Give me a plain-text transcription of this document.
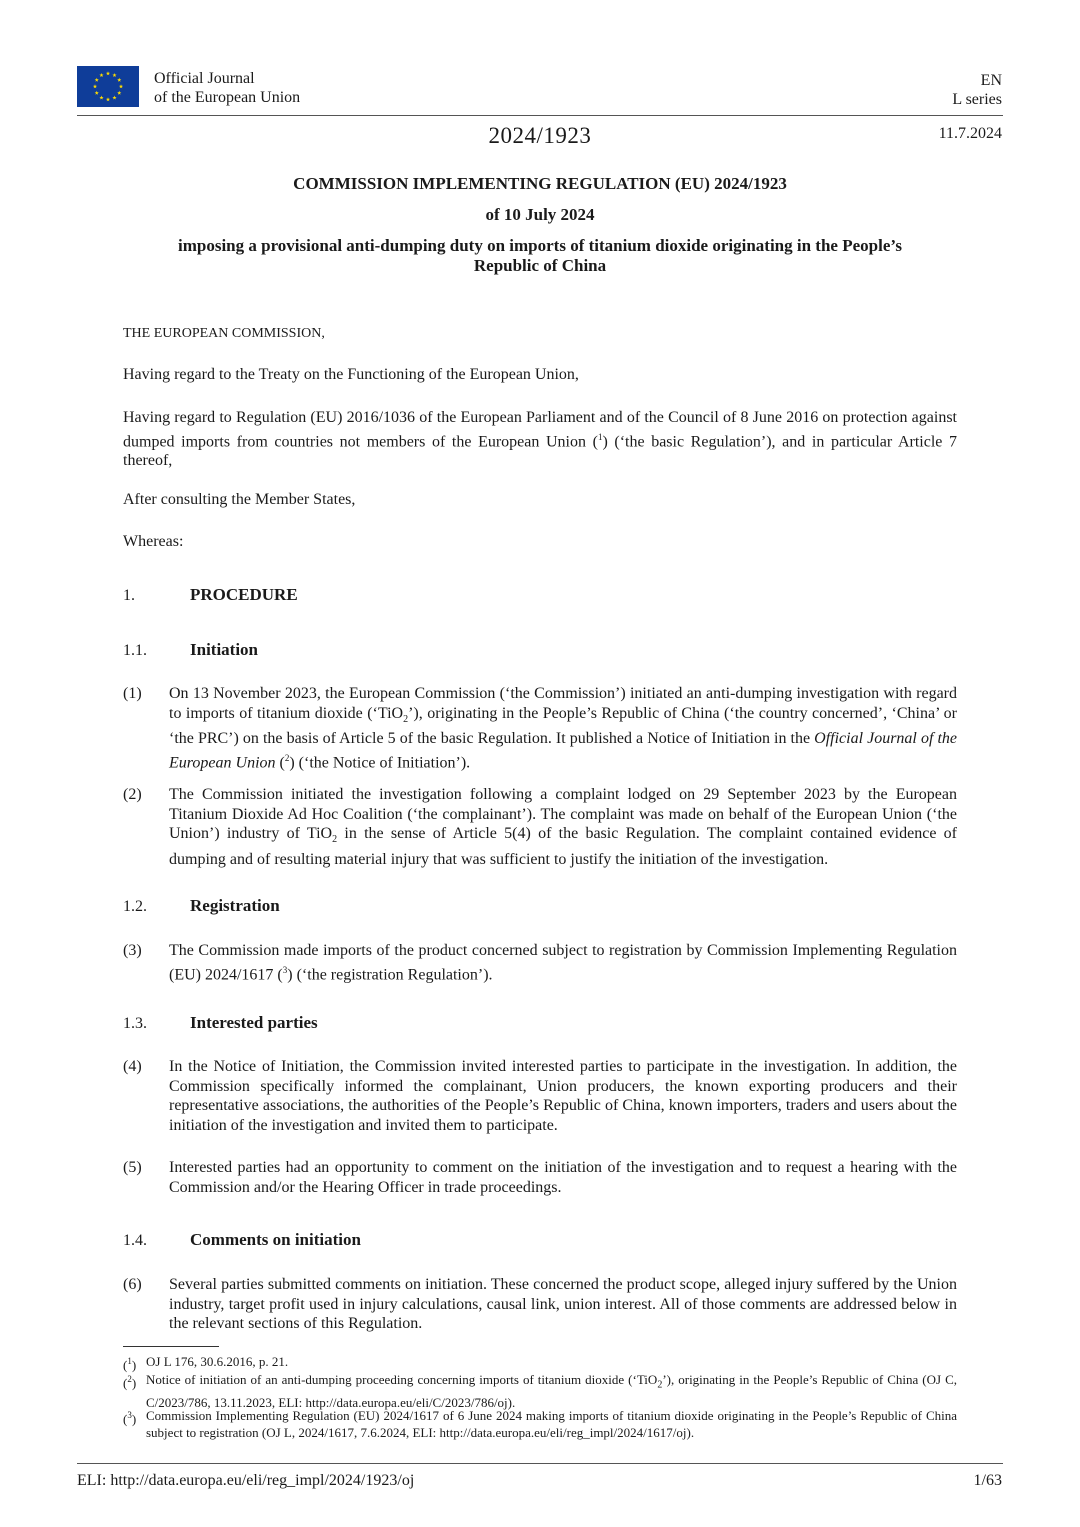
Official Journal
of the European Union
EN
L series
2024/1923	11.7.2024
COMMISSION IMPLEMENTING REGULATION (EU) 2024/1923
of 10 July 2024
imposing a provisional anti-dumping duty on imports of titanium dioxide originating in the People’s
Republic of China
THE EUROPEAN COMMISSION,
Having regard to the Treaty on the Functioning of the European Union,
Having regard to Regulation (EU) 2016/1036 of the European Parliament and of the Council of 8 June 2016 on protection against dumped imports from countries not members of the European Union ($^1$) (‘the basic Regulation’), and in particular Article 7 thereof,
After consulting the Member States,
Whereas:
1.	PROCEDURE
1.1.	Initiation
(1) On 13 November 2023, the European Commission (‘the Commission’) initiated an anti-dumping investigation with regard to imports of titanium dioxide (‘TiO$_2$’), originating in the People’s Republic of China (‘the country concerned’, ‘China’ or ‘the PRC’) on the basis of Article 5 of the basic Regulation. It published a Notice of Initiation in the Official Journal of the European Union ($^2$) (‘the Notice of Initiation’).
(2) The Commission initiated the investigation following a complaint lodged on 29 September 2023 by the European Titanium Dioxide Ad Hoc Coalition (‘the complainant’). The complaint was made on behalf of the European Union (‘the Union’) industry of TiO$_2$ in the sense of Article 5(4) of the basic Regulation. The complaint contained evidence of dumping and of resulting material injury that was sufficient to justify the initiation of the investigation.
1.2.	Registration
(3) The Commission made imports of the product concerned subject to registration by Commission Implementing Regulation (EU) 2024/1617 ($^3$) (‘the registration Regulation’).
1.3.	Interested parties
(4) In the Notice of Initiation, the Commission invited interested parties to participate in the investigation. In addition, the Commission specifically informed the complainant, Union producers, the known exporting producers and their representative associations, the authorities of the People’s Republic of China, known importers, traders and users about the initiation of the investigation and invited them to participate.
(5) Interested parties had an opportunity to comment on the initiation of the investigation and to request a hearing with the Commission and/or the Hearing Officer in trade proceedings.
1.4.	Comments on initiation
(6) Several parties submitted comments on initiation. These concerned the product scope, alleged injury suffered by the Union industry, target profit used in injury calculations, causal link, union interest. All of those comments are addressed below in the relevant sections of this Regulation.
($^1$) OJ L 176, 30.6.2016, p. 21.
($^2$) Notice of initiation of an anti-dumping proceeding concerning imports of titanium dioxide (‘TiO$_2$’), originating in the People’s Republic of China (OJ C, C/2023/786, 13.11.2023, ELI: http://data.europa.eu/eli/C/2023/786/oj).
($^3$) Commission Implementing Regulation (EU) 2024/1617 of 6 June 2024 making imports of titanium dioxide originating in the People’s Republic of China subject to registration (OJ L, 2024/1617, 7.6.2024, ELI: http://data.europa.eu/eli/reg_impl/2024/1617/oj).
ELI: http://data.europa.eu/eli/reg_impl/2024/1923/oj	1/63
